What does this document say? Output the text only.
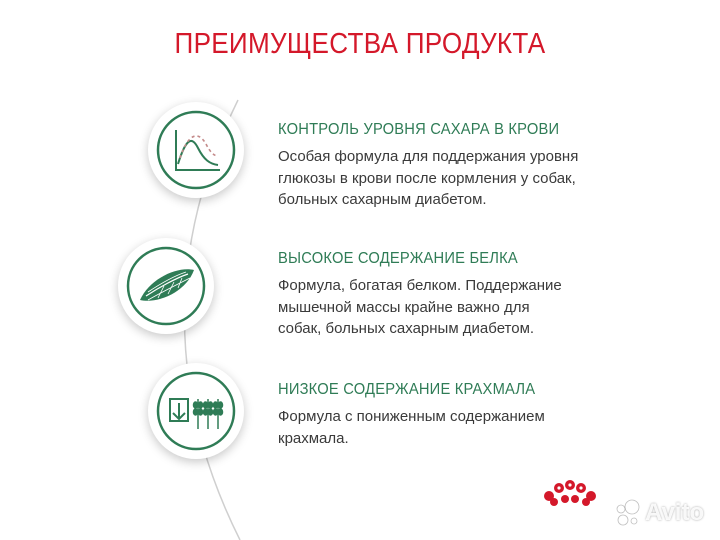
ПРЕИМУЩЕСТВА ПРОДУКТА
КОНТРОЛЬ УРОВНЯ САХАРА В КРОВИ
Особая формула для поддержания уровня
глюкозы в крови после кормления у собак,
больных сахарным диабетом.
ВЫСОКОЕ СОДЕРЖАНИЕ БЕЛКА
Формула, богатая белком. Поддержание
мышечной массы крайне важно для
собак, больных сахарным диабетом.
НИЗКОЕ СОДЕРЖАНИЕ КРАХМАЛА
Формула с пониженным содержанием
крахмала.
Avito
